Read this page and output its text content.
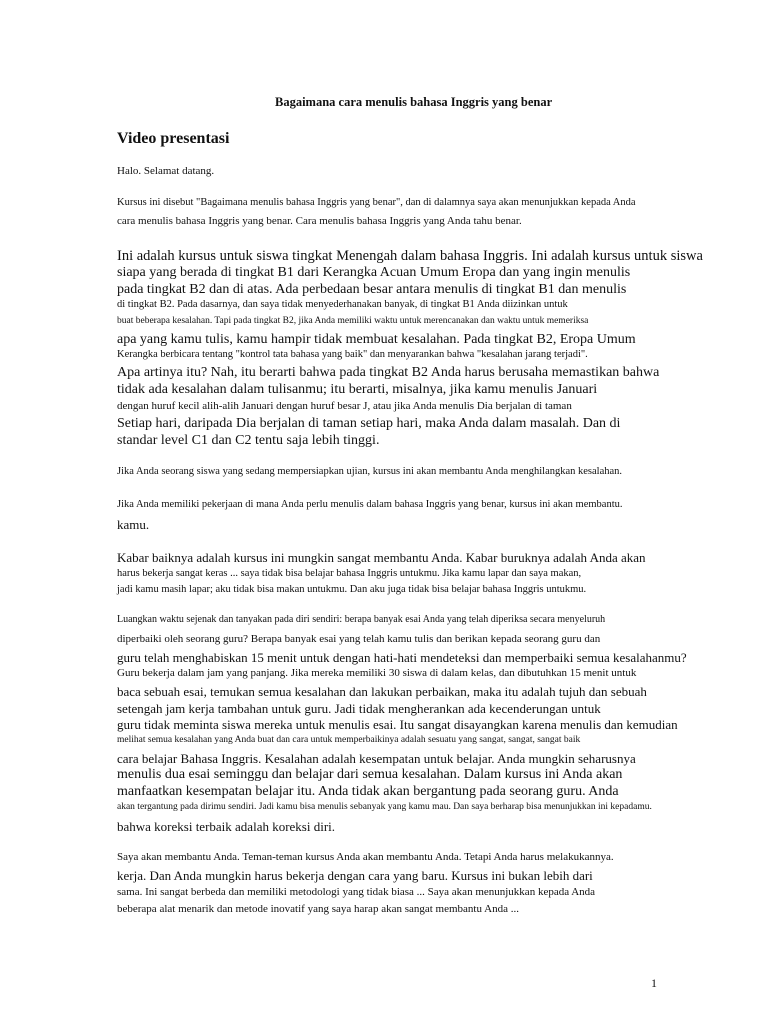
Bagaimana cara menulis bahasa Inggris yang benar
Video presentasi
Halo. Selamat datang.
Kursus ini disebut "Bagaimana menulis bahasa Inggris yang benar", dan di dalamnya saya akan menunjukkan kepada Anda
cara menulis bahasa Inggris yang benar. Cara menulis bahasa Inggris yang Anda tahu benar.
Ini adalah kursus untuk siswa tingkat Menengah dalam bahasa Inggris. Ini adalah kursus untuk siswa
siapa yang berada di tingkat B1 dari Kerangka Acuan Umum Eropa dan yang ingin menulis
pada tingkat B2 dan di atas. Ada perbedaan besar antara menulis di tingkat B1 dan menulis
di tingkat B2. Pada dasarnya, dan saya tidak menyederhanakan banyak, di tingkat B1 Anda diizinkan untuk
buat beberapa kesalahan. Tapi pada tingkat B2, jika Anda memiliki waktu untuk merencanakan dan waktu untuk memeriksa
apa yang kamu tulis, kamu hampir tidak membuat kesalahan. Pada tingkat B2, Eropa Umum
Kerangka berbicara tentang "kontrol tata bahasa yang baik" dan menyarankan bahwa "kesalahan jarang terjadi".
Apa artinya itu? Nah, itu berarti bahwa pada tingkat B2 Anda harus berusaha memastikan bahwa
tidak ada kesalahan dalam tulisanmu; itu berarti, misalnya, jika kamu menulis Januari
dengan huruf kecil alih-alih Januari dengan huruf besar J, atau jika Anda menulis Dia berjalan di taman
Setiap hari, daripada Dia berjalan di taman setiap hari, maka Anda dalam masalah. Dan di
standar level C1 dan C2 tentu saja lebih tinggi.
Jika Anda seorang siswa yang sedang mempersiapkan ujian, kursus ini akan membantu Anda menghilangkan kesalahan.
Jika Anda memiliki pekerjaan di mana Anda perlu menulis dalam bahasa Inggris yang benar, kursus ini akan membantu.
kamu.
Kabar baiknya adalah kursus ini mungkin sangat membantu Anda. Kabar buruknya adalah Anda akan
harus bekerja sangat keras ... saya tidak bisa belajar bahasa Inggris untukmu. Jika kamu lapar dan saya makan,
jadi kamu masih lapar; aku tidak bisa makan untukmu. Dan aku juga tidak bisa belajar bahasa Inggris untukmu.
Luangkan waktu sejenak dan tanyakan pada diri sendiri: berapa banyak esai Anda yang telah diperiksa secara menyeluruh
diperbaiki oleh seorang guru? Berapa banyak esai yang telah kamu tulis dan berikan kepada seorang guru dan
guru telah menghabiskan 15 menit untuk dengan hati-hati mendeteksi dan memperbaiki semua kesalahanmu?
Guru bekerja dalam jam yang panjang. Jika mereka memiliki 30 siswa di dalam kelas, dan dibutuhkan 15 menit untuk
baca sebuah esai, temukan semua kesalahan dan lakukan perbaikan, maka itu adalah tujuh dan sebuah
setengah jam kerja tambahan untuk guru. Jadi tidak mengherankan ada kecenderungan untuk
guru tidak meminta siswa mereka untuk menulis esai. Itu sangat disayangkan karena menulis dan kemudian
melihat semua kesalahan yang Anda buat dan cara untuk memperbaikinya adalah sesuatu yang sangat, sangat, sangat baik
cara belajar Bahasa Inggris. Kesalahan adalah kesempatan untuk belajar. Anda mungkin seharusnya
menulis dua esai seminggu dan belajar dari semua kesalahan. Dalam kursus ini Anda akan
manfaatkan kesempatan belajar itu. Anda tidak akan bergantung pada seorang guru. Anda
akan tergantung pada dirimu sendiri. Jadi kamu bisa menulis sebanyak yang kamu mau. Dan saya berharap bisa menunjukkan ini kepadamu.
bahwa koreksi terbaik adalah koreksi diri.
Saya akan membantu Anda. Teman-teman kursus Anda akan membantu Anda. Tetapi Anda harus melakukannya.
kerja. Dan Anda mungkin harus bekerja dengan cara yang baru. Kursus ini bukan lebih dari
sama. Ini sangat berbeda dan memiliki metodologi yang tidak biasa ... Saya akan menunjukkan kepada Anda
beberapa alat menarik dan metode inovatif yang saya harap akan sangat membantu Anda ...
1
